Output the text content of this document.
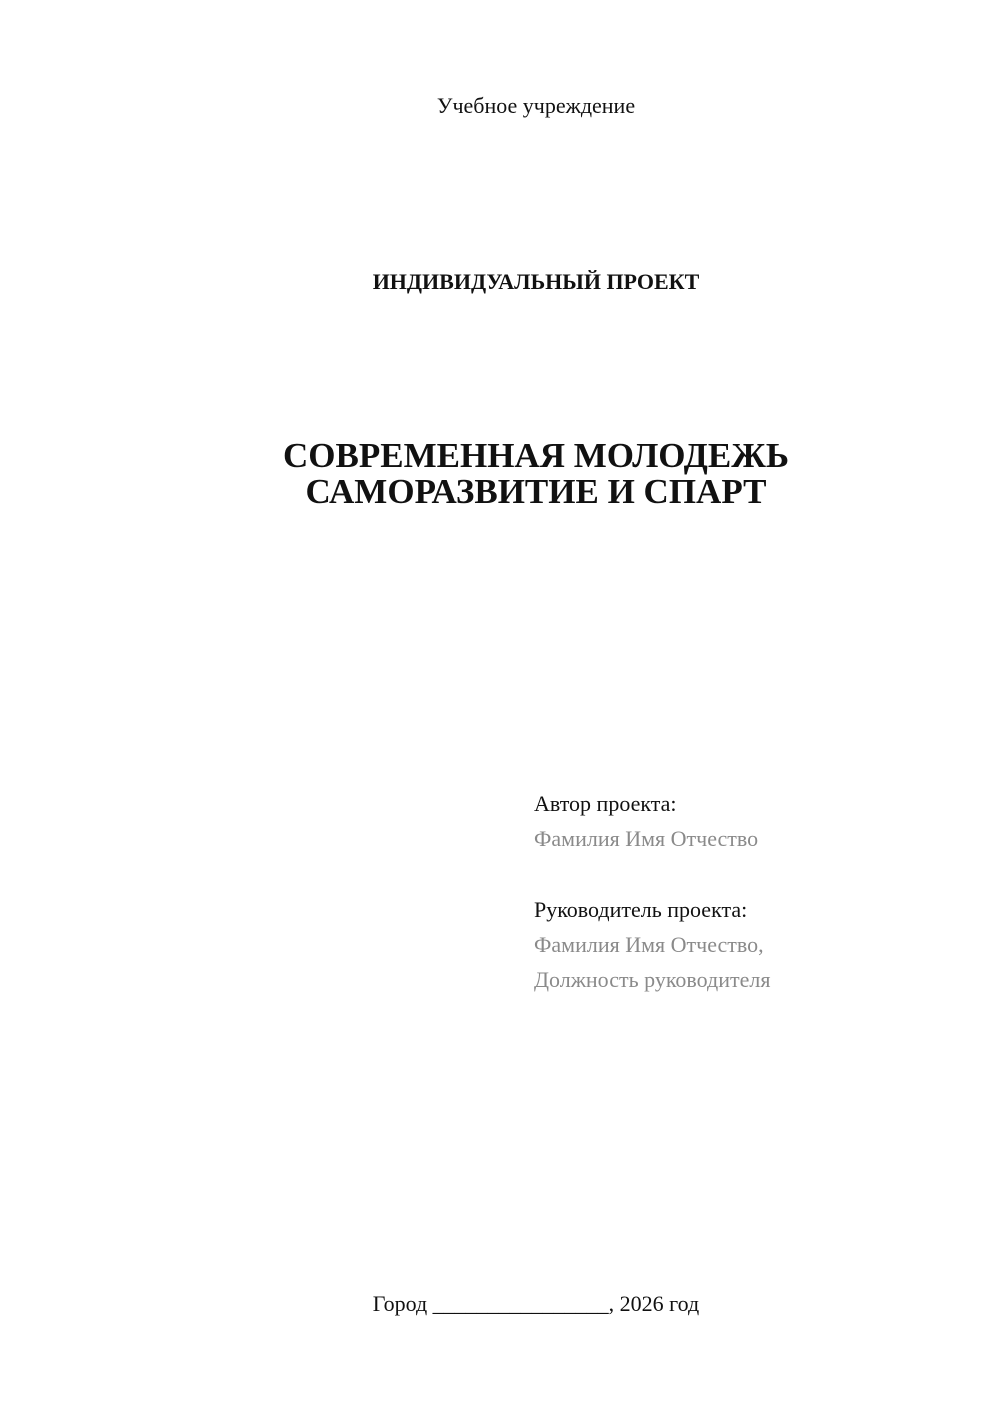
Учебное учреждение
ИНДИВИДУАЛЬНЫЙ ПРОЕКТ
СОВРЕМЕННАЯ МОЛОДЕЖЬ
САМОРАЗВИТИЕ И СПАРТ
Автор проекта:
Фамилия Имя Отчество
Руководитель проекта:
Фамилия Имя Отчество,
Должность руководителя
Город ________________, 2026 год
